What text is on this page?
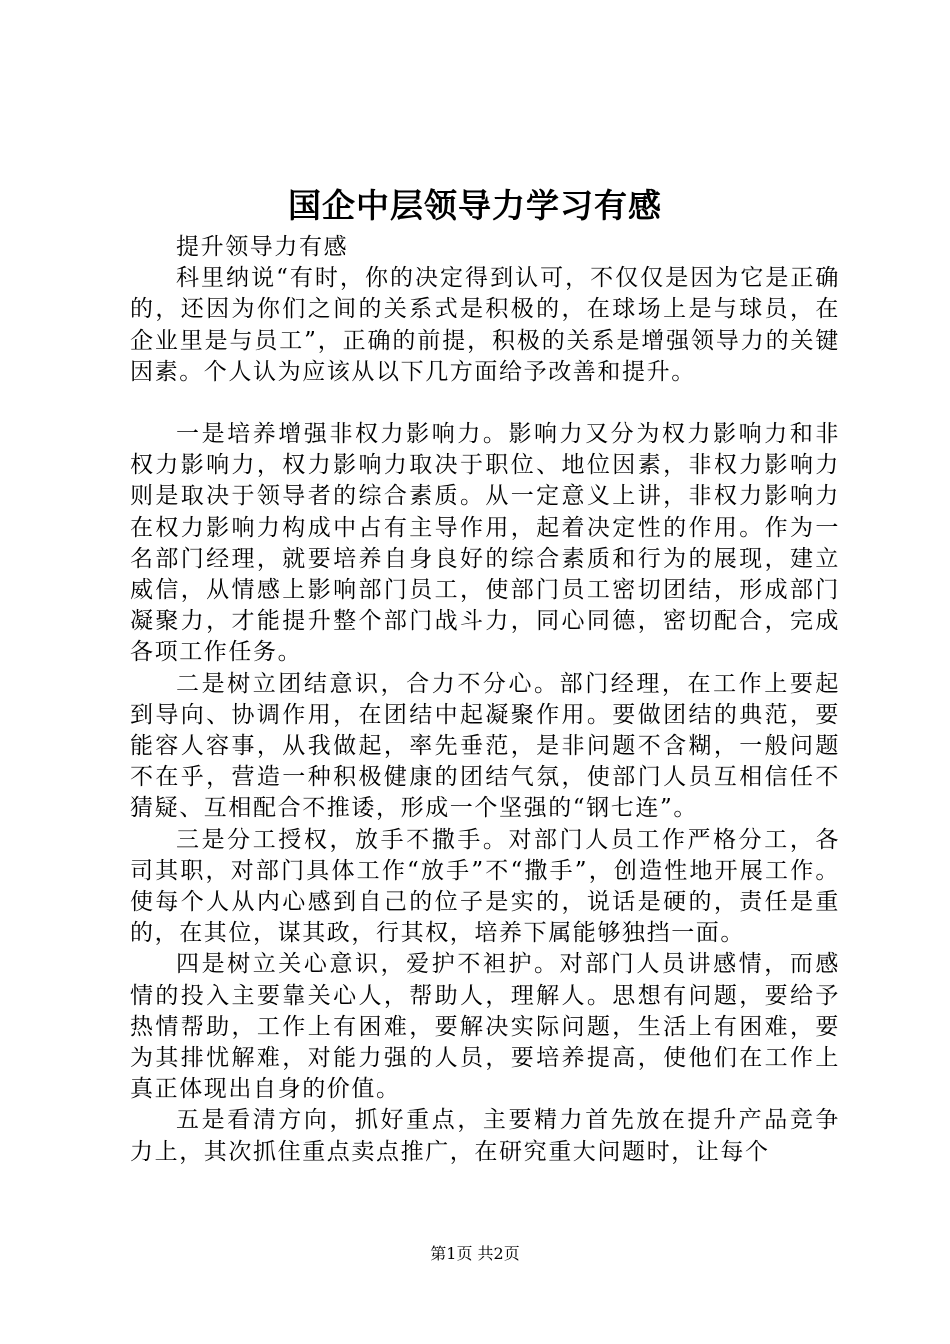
国企中层领导力学习有感

提升领导力有感

科里纳说“有时，你的决定得到认可，不仅仅是因为它是正确的，还因为你们之间的关系式是积极的，在球场上是与球员，在企业里是与员工”，正确的前提，积极的关系是增强领导力的关键因素。个人认为应该从以下几方面给予改善和提升。

一是培养增强非权力影响力。影响力又分为权力影响力和非权力影响力，权力影响力取决于职位、地位因素，非权力影响力则是取决于领导者的综合素质。从一定意义上讲，非权力影响力在权力影响力构成中占有主导作用，起着决定性的作用。作为一名部门经理，就要培养自身良好的综合素质和行为的展现，建立威信，从情感上影响部门员工，使部门员工密切团结，形成部门凝聚力，才能提升整个部门战斗力，同心同德，密切配合，完成各项工作任务。

二是树立团结意识，合力不分心。部门经理，在工作上要起到导向、协调作用，在团结中起凝聚作用。要做团结的典范，要能容人容事，从我做起，率先垂范，是非问题不含糊，一般问题不在乎，营造一种积极健康的团结气氛，使部门人员互相信任不猜疑、互相配合不推诿，形成一个坚强的“钢七连”。

三是分工授权，放手不撒手。对部门人员工作严格分工，各司其职，对部门具体工作“放手”不“撒手”，创造性地开展工作。使每个人从内心感到自己的位子是实的，说话是硬的，责任是重的，在其位，谋其政，行其权，培养下属能够独挡一面。

四是树立关心意识，爱护不袒护。对部门人员讲感情，而感情的投入主要靠关心人，帮助人，理解人。思想有问题，要给予热情帮助，工作上有困难，要解决实际问题，生活上有困难，要为其排忧解难，对能力强的人员，要培养提高，使他们在工作上真正体现出自身的价值。

五是看清方向，抓好重点，主要精力首先放在提升产品竞争力上，其次抓住重点卖点推广，在研究重大问题时，让每个

第1页 共2页
